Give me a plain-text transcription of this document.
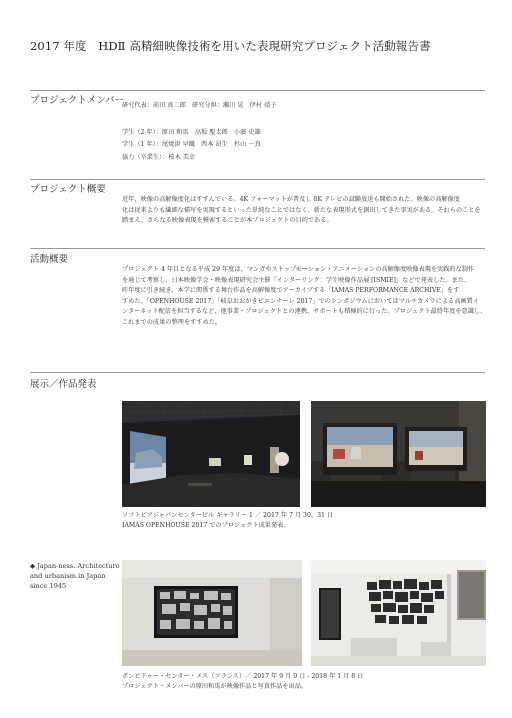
2017 年度　HDⅡ 高精細映像技術を用いた表現研究プロジェクト活動報告書
プロジェクトメンバー
研究代表：前田 真二郎　研究分担：瀬川 晃　伊村 靖子
学生（2 年）：原田 和馬　高坂 聖太郎　小濱 史雄
学生（1 年）：尾焼津 早織　西本 昂生　杉山 一真
協力（卒業生）：桜木 美幸
プロジェクト概要

近年、映像の高解像度化はすすんでいる。4K フォーマットが普及し 8K テレビの試験放送も開始された。映像の高解像度

化は従来よりも繊細な描写を実現するといった単純なことではなく、新たな表現形式を創出してきた事実がある。それらのことを

踏まえ、さらなる映像表現を模索することが本プロジェクトの目的である。

活動概要

プロジェクト 4 年目となる平成 29 年度は、マンガやストップモーション・アニメーションの高解像度映像表現を実践的な制作

を通じて考察し、日本映像学会・映像表現研究会主催「インターリンク：学生映像作品展 [ISMIE]」などで発表した。また、

昨年度に引き続き、本学に関係する舞台作品を高解像度でアーカイブする「IAMAS PERFORMANCE ARCHIVE」をす

すめた。「OPENHOUSE 2017」「岐阜おおがきビエンナーレ 2017」でのシンポジウムにおいてはマルチカメラによる高画質イ

ンターネット配信を担当するなど、他事業・プロジェクトとの連携、サポートも積極的に行った。プロジェクト最終年度を意識し、

これまでの成果の整理をすすめた。

展示／作品発表
ソフトピアジャパンセンタービル ギャラリー 1 ／ 2017 年 7 月 30、31 日
IAMAS OPENHOUSE 2017 でのプロジェクト成果発表。
◆ Japan-ness. Architecture
and urbanism in Japan
since 1945
ポンピドゥー・センター・メス（フランス）／ 2017 年 9 月 9 日 - 2018 年 1 月 8 日
プロジェクト・メンバーの原田和馬が映像作品と写真作品を出品。
